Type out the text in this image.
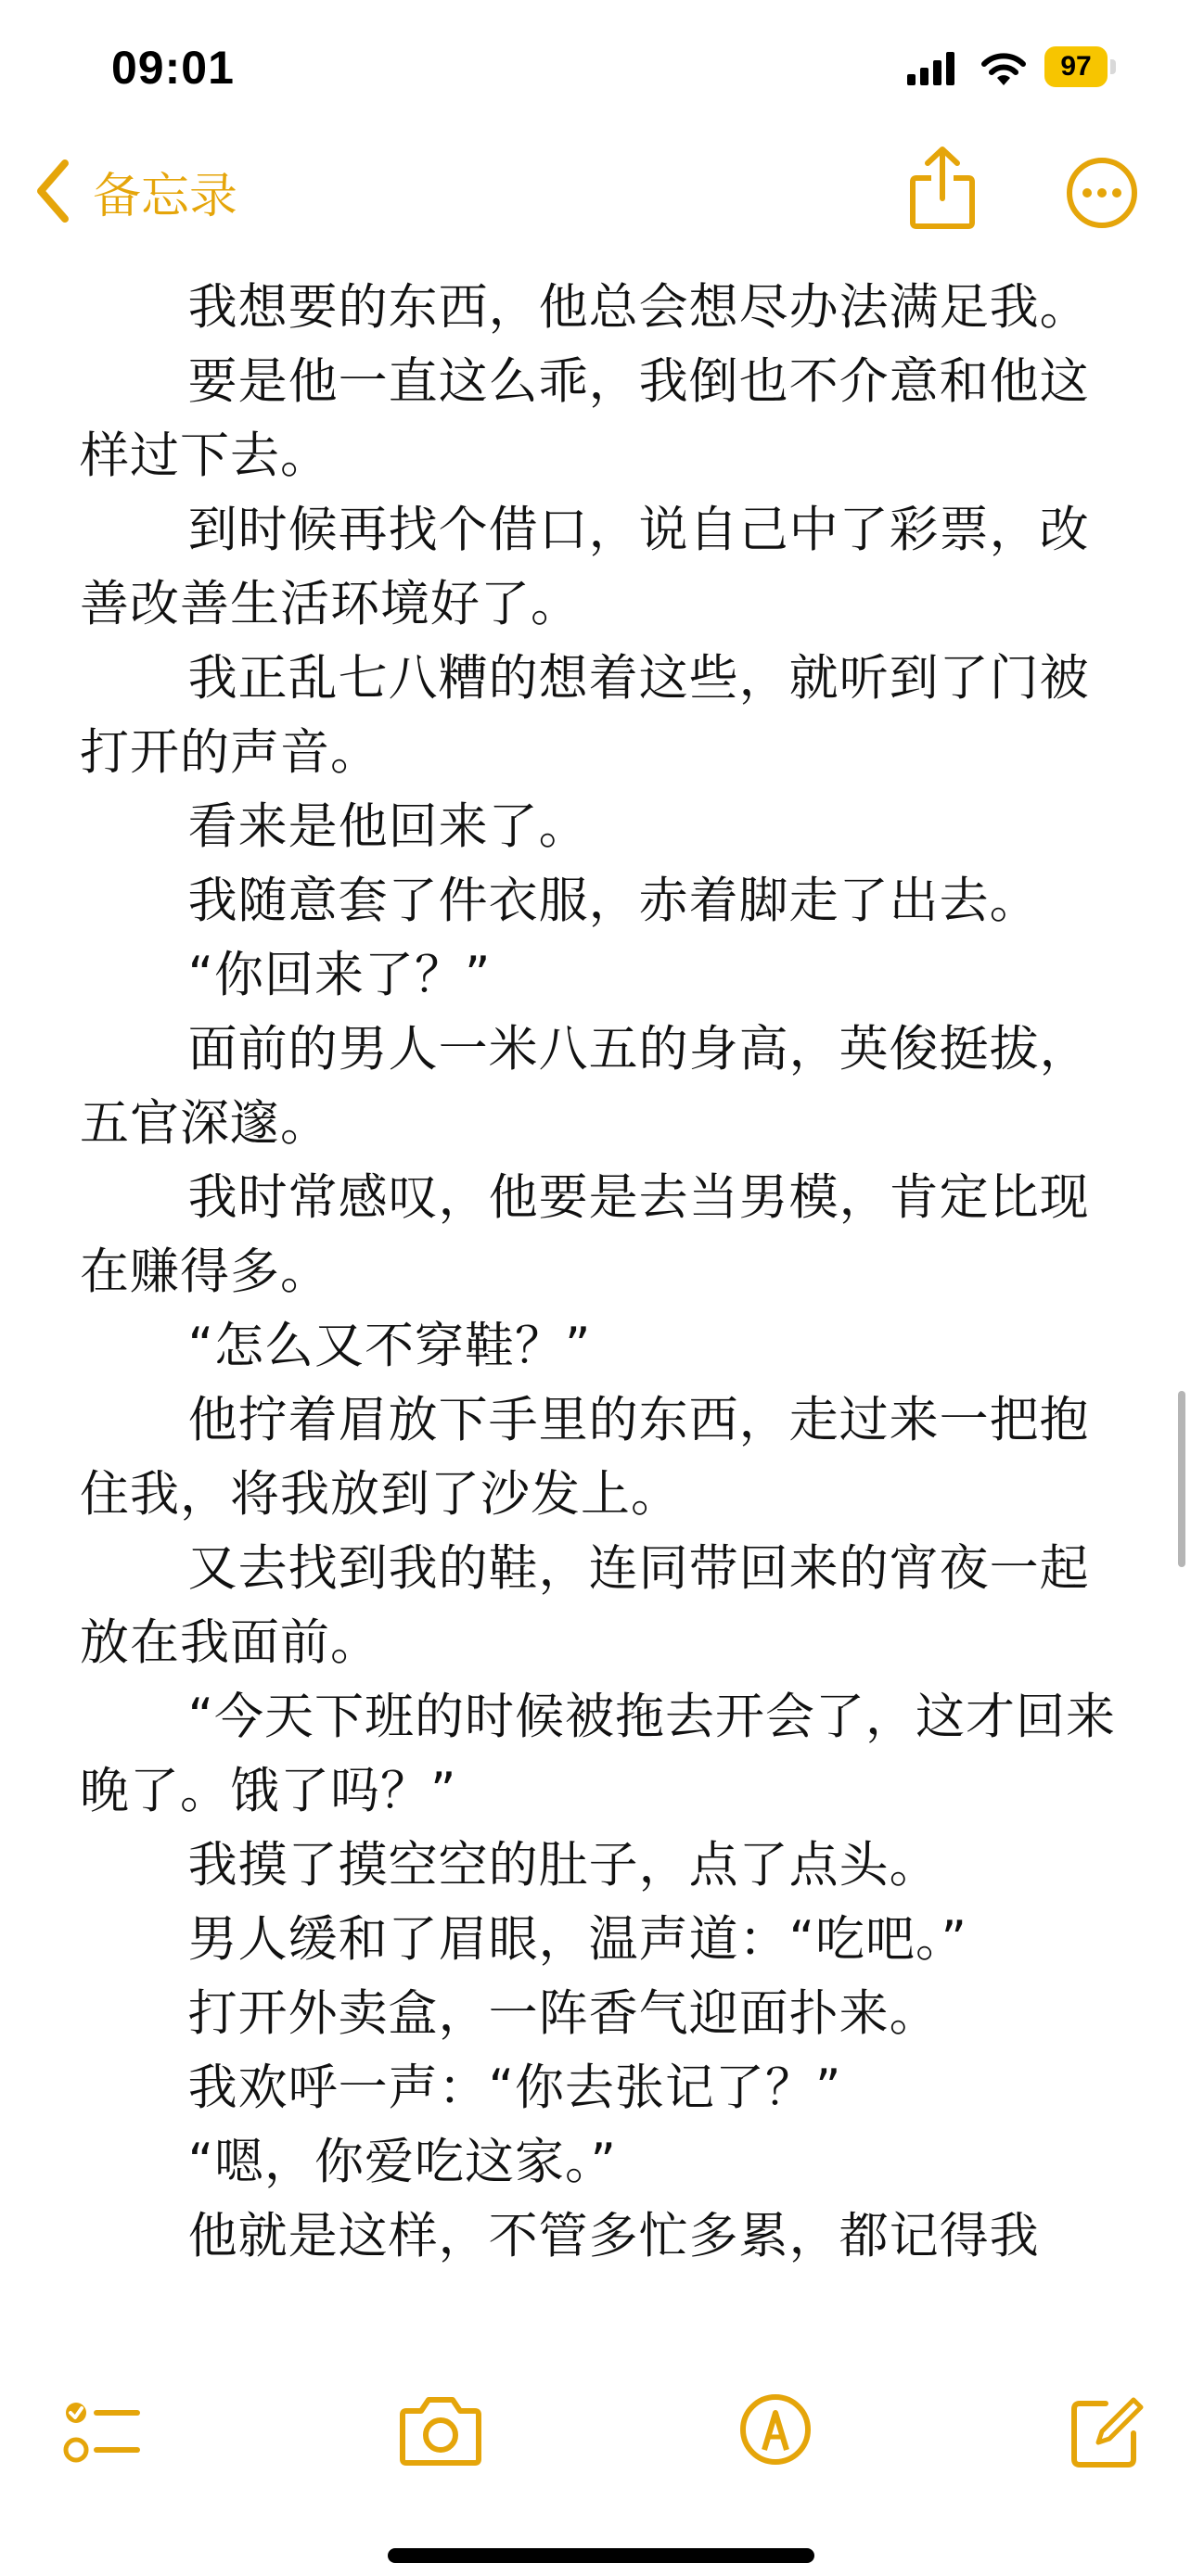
09:01	97
备忘录

我想要的东西，他总会想尽办法满足我。

要是他一直这么乖，我倒也不介意和他这样过下去。

到时候再找个借口，说自己中了彩票，改善改善生活环境好了。

我正乱七八糟的想着这些，就听到了门被打开的声音。

看来是他回来了。

我随意套了件衣服，赤着脚走了出去。

“你回来了？”

面前的男人一米八五的身高，英俊挺拔，五官深邃。

我时常感叹，他要是去当男模，肯定比现在赚得多。

“怎么又不穿鞋？”

他拧着眉放下手里的东西，走过来一把抱住我，将我放到了沙发上。

又去找到我的鞋，连同带回来的宵夜一起放在我面前。

“今天下班的时候被拖去开会了，这才回来晚了。饿了吗？”

我摸了摸空空的肚子，点了点头。

男人缓和了眉眼，温声道：“吃吧。”

打开外卖盒，一阵香气迎面扑来。

我欢呼一声：“你去张记了？”

“嗯，你爱吃这家。”

他就是这样，不管多忙多累，都记得我
